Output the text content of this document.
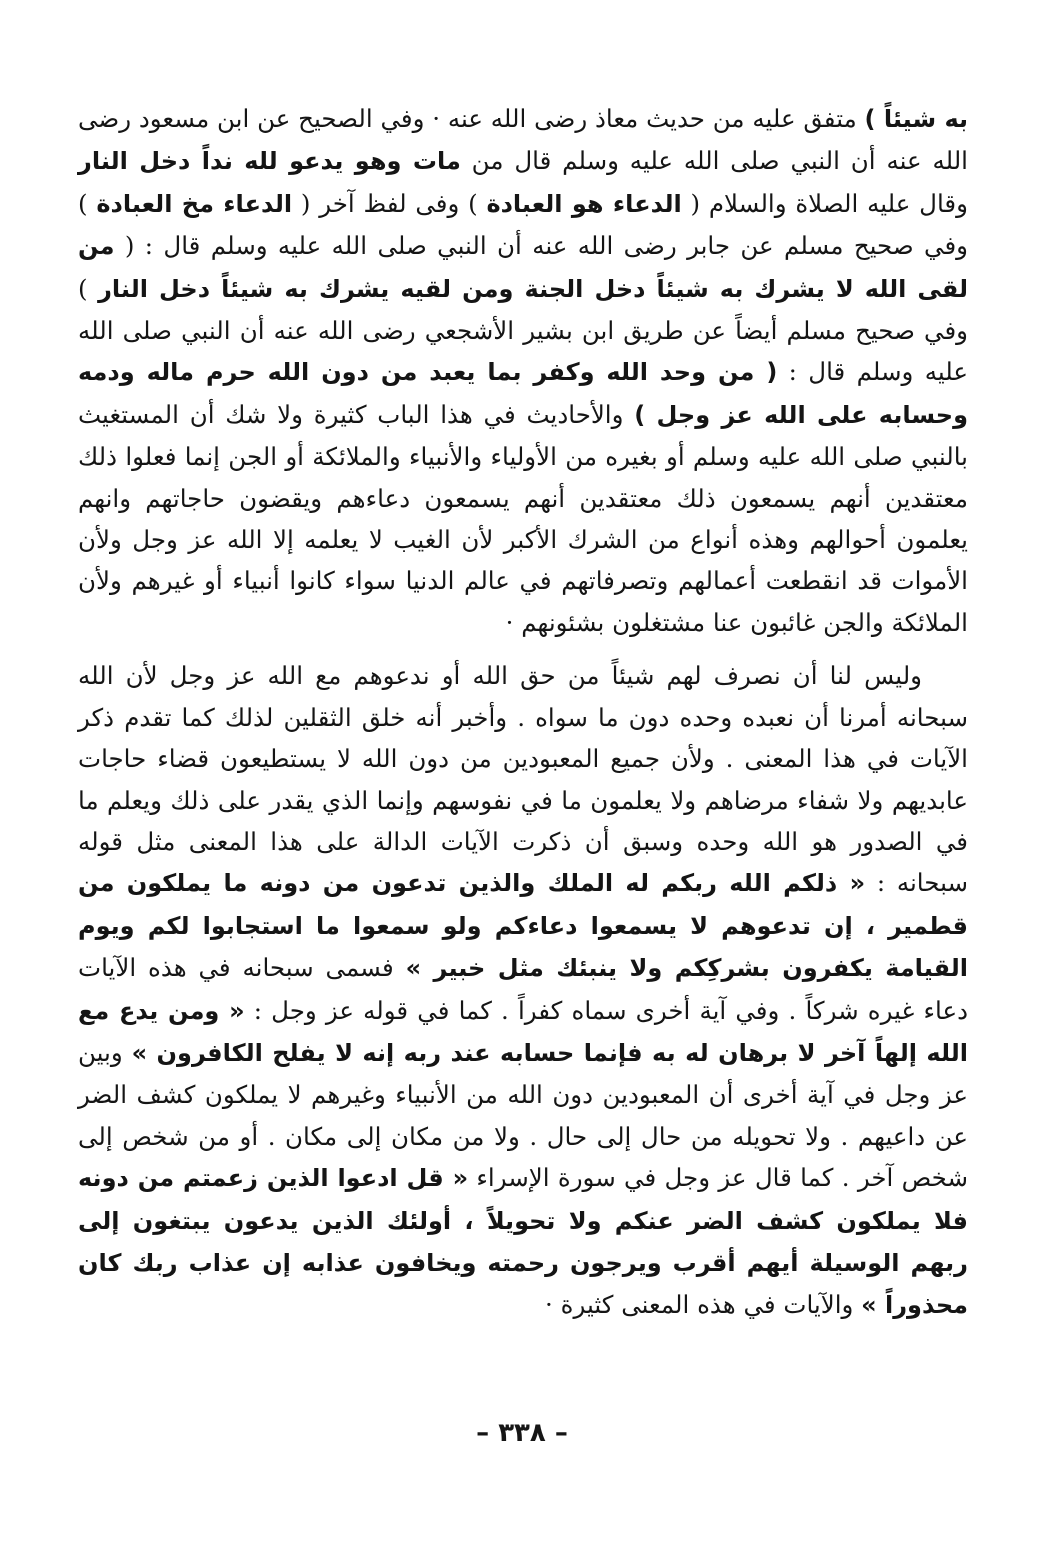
به شيئاً ) متفق عليه من حديث معاذ رضى الله عنه · وفي الصحيح عن ابن مسعود رضى الله عنه أن النبي صلى الله عليه وسلم قال من مات وهو يدعو لله نداً دخل النار وقال عليه الصلاة والسلام ( الدعاء هو العبادة ) وفى لفظ آخر ( الدعاء مخ العبادة ) وفي صحيح مسلم عن جابر رضى الله عنه أن النبي صلى الله عليه وسلم قال : ( من لقى الله لا يشرك به شيئاً دخل الجنة ومن لقيه يشرك به شيئاً دخل النار ) وفي صحيح مسلم أيضاً عن طريق ابن بشير الأشجعي رضى الله عنه أن النبي صلى الله عليه وسلم قال : ( من وحد الله وكفر بما يعبد من دون الله حرم ماله ودمه وحسابه على الله عز وجل ) والأحاديث في هذا الباب كثيرة ولا شك أن المستغيث بالنبي صلى الله عليه وسلم أو بغيره من الأولياء والأنبياء والملائكة أو الجن إنما فعلوا ذلك معتقدين أنهم يسمعون ذلك معتقدين أنهم يسمعون دعاءهم ويقضون حاجاتهم وانهم يعلمون أحوالهم وهذه أنواع من الشرك الأكبر لأن الغيب لا يعلمه إلا الله عز وجل ولأن الأموات قد انقطعت أعمالهم وتصرفاتهم في عالم الدنيا سواء كانوا أنبياء أو غيرهم ولأن الملائكة والجن غائبون عنا مشتغلون بشئونهم ·

وليس لنا أن نصرف لهم شيئاً من حق الله أو ندعوهم مع الله عز وجل لأن الله سبحانه أمرنا أن نعبده وحده دون ما سواه . وأخبر أنه خلق الثقلين لذلك كما تقدم ذكر الآيات في هذا المعنى . ولأن جميع المعبودين من دون الله لا يستطيعون قضاء حاجات عابديهم ولا شفاء مرضاهم ولا يعلمون ما في نفوسهم وإنما الذي يقدر على ذلك ويعلم ما في الصدور هو الله وحده وسبق أن ذكرت الآيات الدالة على هذا المعنى مثل قوله سبحانه : « ذلكم الله ربكم له الملك والذين تدعون من دونه ما يملكون من قطمير ، إن تدعوهم لا يسمعوا دعاءكم ولو سمعوا ما استجابوا لكم ويوم القيامة يكفرون بشركِكم ولا ينبئك مثل خبير » فسمى سبحانه في هذه الآيات دعاء غيره شركاً . وفي آية أخرى سماه كفراً . كما في قوله عز وجل : « ومن يدع مع الله إلهاً آخر لا برهان له به فإنما حسابه عند ربه إنه لا يفلح الكافرون » وبين عز وجل في آية أخرى أن المعبودين دون الله من الأنبياء وغيرهم لا يملكون كشف الضر عن داعيهم . ولا تحويله من حال إلى حال . ولا من مكان إلى مكان . أو من شخص إلى شخص آخر . كما قال عز وجل في سورة الإسراء « قل ادعوا الذين زعمتم من دونه فلا يملكون كشف الضر عنكم ولا تحويلاً ، أولئك الذين يدعون يبتغون إلى ربهم الوسيلة أيهم أقرب ويرجون رحمته ويخافون عذابه إن عذاب ربك كان محذوراً » والآيات في هذه المعنى كثيرة ·

– ٣٣٨ –
